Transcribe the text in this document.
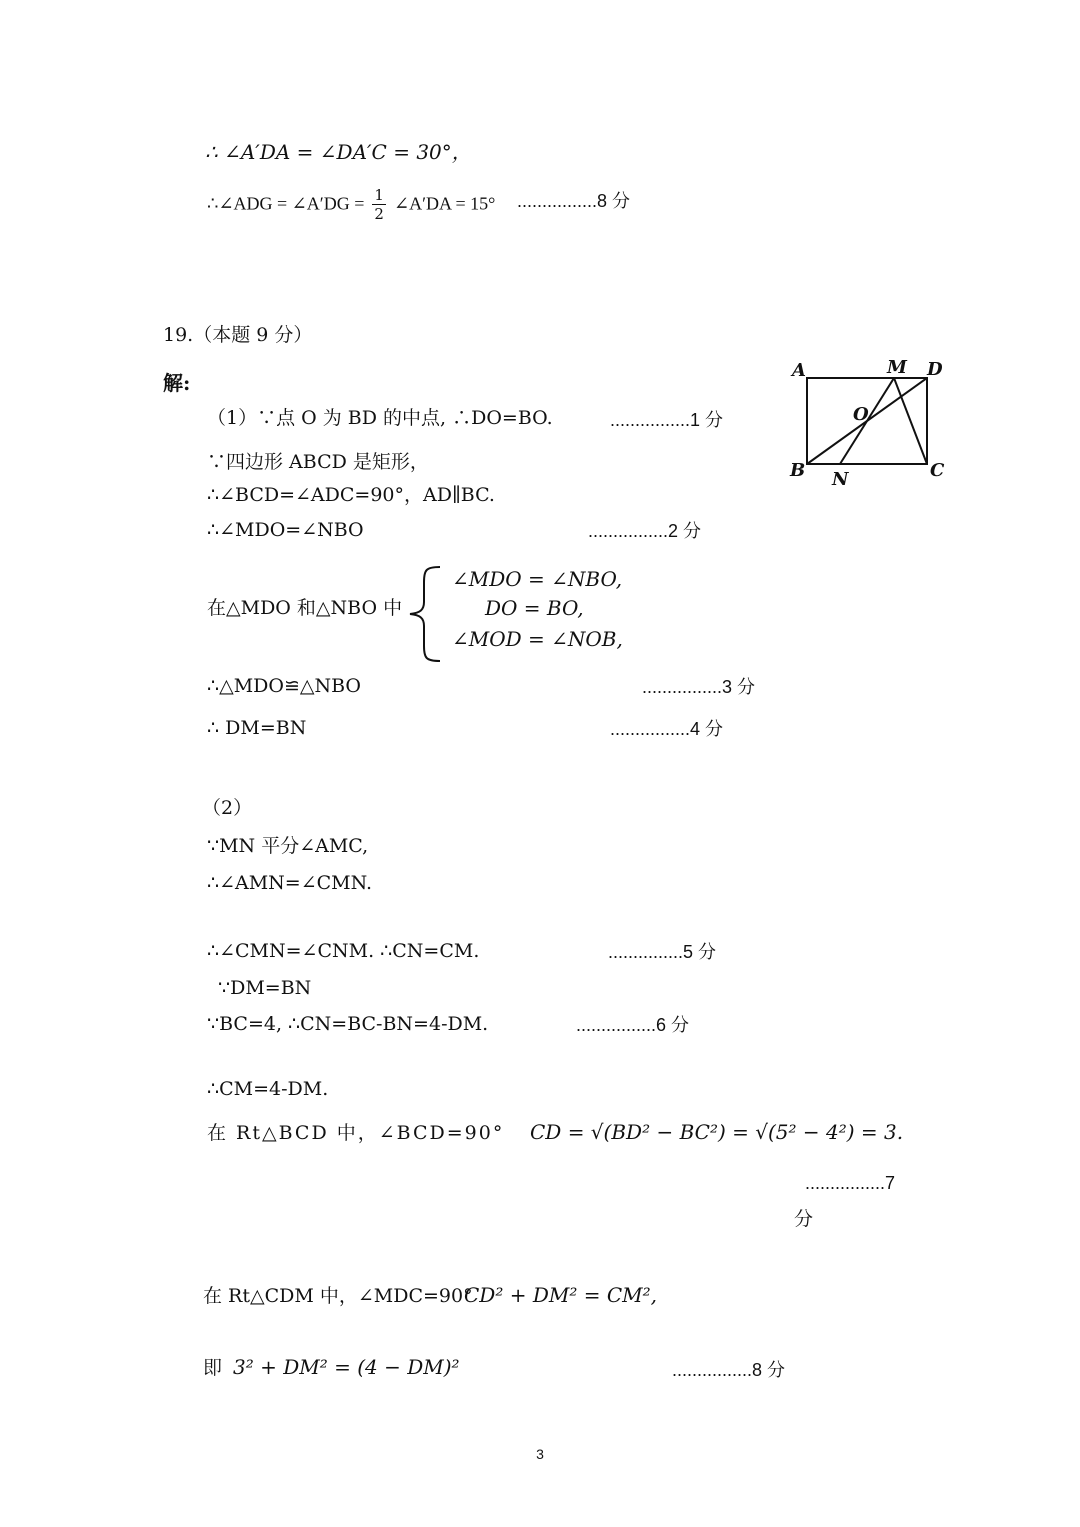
∴ ∠A′DA = ∠DA′C = 30°，
∴∠ADG = ∠A′DG = $\frac{1}{2}$ ∠A′DA = 15° ................8 分
19.（本题 9 分）
解:
（1）∵点 O 为 BD 的中点, ∴DO=BO.	................1 分
∵四边形 ABCD 是矩形，
∴∠BCD=∠ADC=90°，AD∥BC.
∴∠MDO=∠NBO	................2 分
在△MDO 和△NBO 中
∠MDO = ∠NBO,
DO = BO,
∠MOD = ∠NOB,
∴△MDO≌△NBO	................3 分
∴ DM=BN	................4 分
（2）
∵MN 平分∠AMC,
∴∠AMN=∠CMN.
∴∠CMN=∠CNM. ∴CN=CM.	...............5 分
∵DM=BN
∵BC=4, ∴CN=BC-BN=4-DM.	................6 分
∴CM=4-DM.
在 Rt△BCD 中，∠BCD=90° CD = √(BD² − BC²) = √(5² − 4²) = 3.
................7
分
在 Rt△CDM 中，∠MDC=90°
CD² + DM² = CM²,
即 3² + DM² = (4 − DM)²	................8 分
A	M D
O
B N	C
3
